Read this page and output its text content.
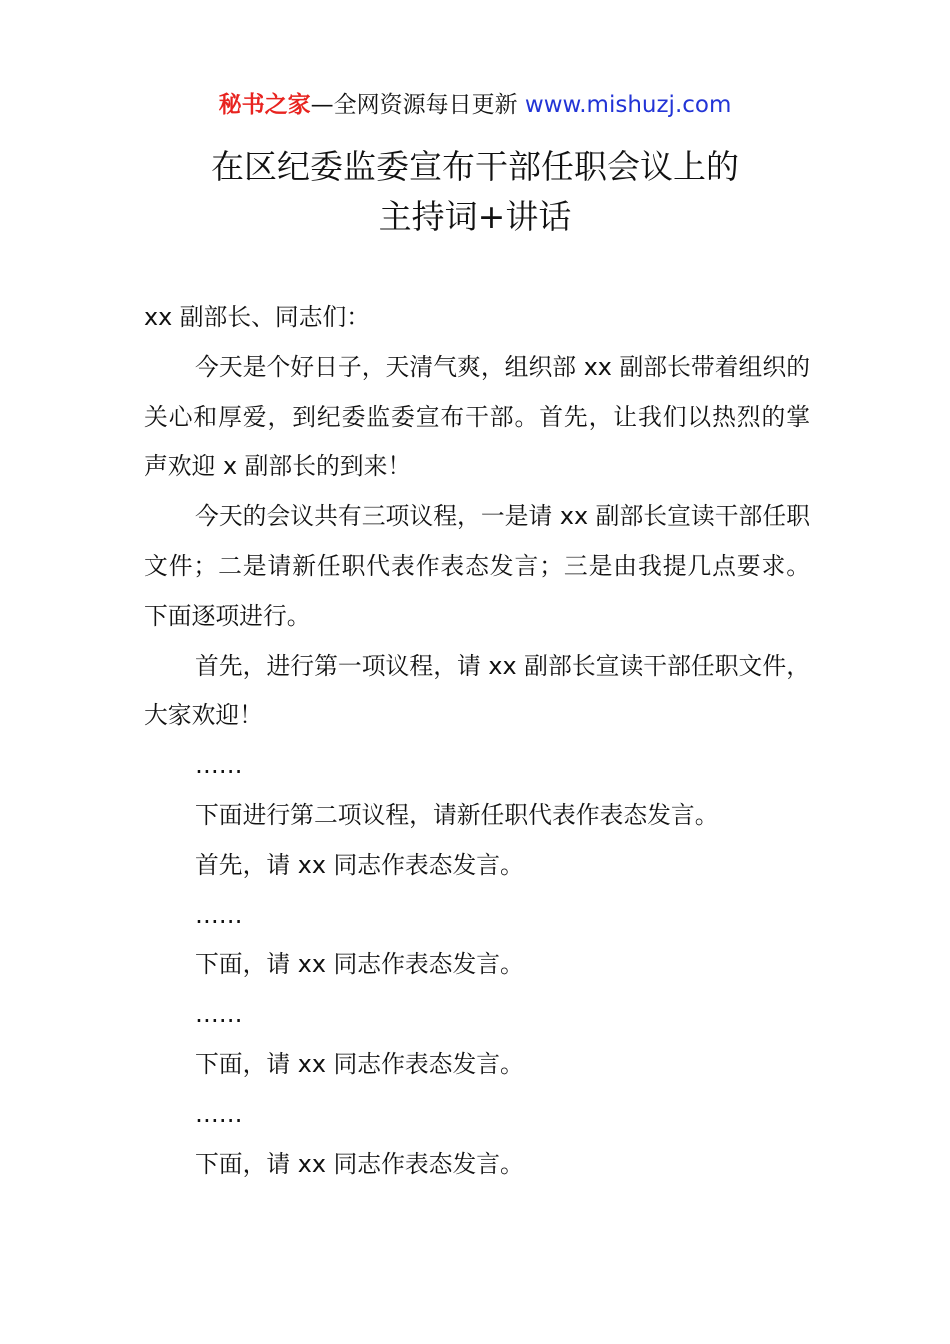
秘书之家—全网资源每日更新 www.mishuzj.com
在区纪委监委宣布干部任职会议上的
主持词+讲话

xx 副部长、同志们：

今天是个好日子，天清气爽，组织部 xx 副部长带着组织的关心和厚爱，到纪委监委宣布干部。首先，让我们以热烈的掌声欢迎 x 副部长的到来！

今天的会议共有三项议程，一是请 xx 副部长宣读干部任职文件；二是请新任职代表作表态发言；三是由我提几点要求。下面逐项进行。

首先，进行第一项议程，请 xx 副部长宣读干部任职文件，大家欢迎！

……

下面进行第二项议程，请新任职代表作表态发言。

首先，请 xx 同志作表态发言。

……

下面，请 xx 同志作表态发言。

……

下面，请 xx 同志作表态发言。

……

下面，请 xx 同志作表态发言。
